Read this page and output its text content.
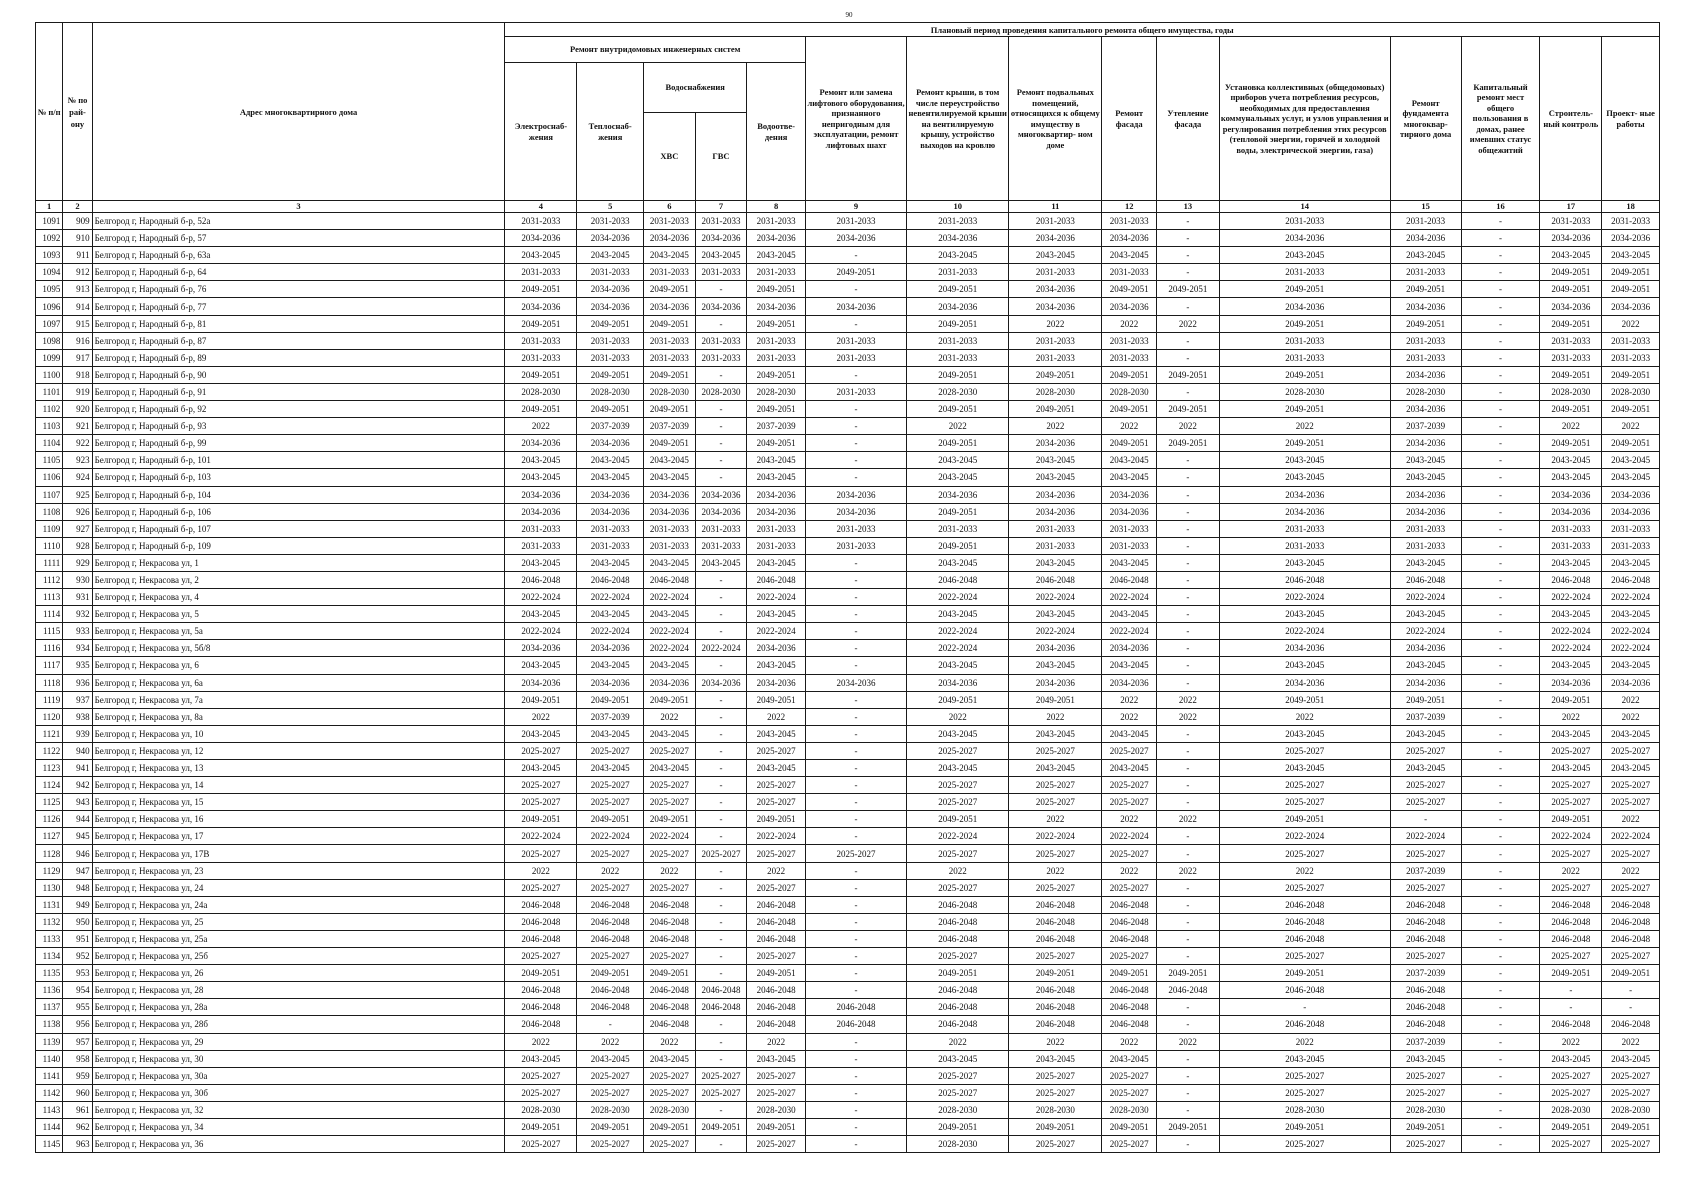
90
№ п/п	№ по рай- ону	Адрес многоквартирного дома	Плановый период проведения капитального ремонта общего имущества, годы														
			Ремонт внутридомовых инженерных систем					Ремонт или замена лифтового оборудования, признанного непригодным для эксплуатации, ремонт лифтовых шахт	Ремонт крыши, в том числе переустройство невентилируемой крыши на вентилируемую крышу, устройство выходов на кровлю	Ремонт подвальных помещений, относящихся к общему имуществу в многоквартир- ном доме	Ремонт фасада	Утепление фасада	Установка коллективных (общедомовых) приборов учета потребления ресурсов, необходимых для предоставления коммунальных услуг, и узлов управления и регулирования потребления этих ресурсов (тепловой энергии, горячей и холодной воды, электрической энергии, газа)	Ремонт фундамента многоквар- тирного дома	Капитальный ремонт мест общего пользования в домах, ранее имевших статус общежитий	Строитель- ный контроль	Проект- ные работы
			Электроснаб- жения	Теплоснаб- жения	Водоснабжения		Водоотве- дения										
					ХВС	ГВС											
1	2	3	4	5	6	7	8	9	10	11	12	13	14	15	16	17	18
1091	909	Белгород г, Народный б-р, 52а	2031-2033	2031-2033	2031-2033	2031-2033	2031-2033	2031-2033	2031-2033	2031-2033	2031-2033	-	2031-2033	2031-2033	-	2031-2033	2031-2033
1092	910	Белгород г, Народный б-р, 57	2034-2036	2034-2036	2034-2036	2034-2036	2034-2036	2034-2036	2034-2036	2034-2036	2034-2036	-	2034-2036	2034-2036	-	2034-2036	2034-2036
1093	911	Белгород г, Народный б-р, 63а	2043-2045	2043-2045	2043-2045	2043-2045	2043-2045	-	2043-2045	2043-2045	2043-2045	-	2043-2045	2043-2045	-	2043-2045	2043-2045
1094	912	Белгород г, Народный б-р, 64	2031-2033	2031-2033	2031-2033	2031-2033	2031-2033	2049-2051	2031-2033	2031-2033	2031-2033	-	2031-2033	2031-2033	-	2049-2051	2049-2051
1095	913	Белгород г, Народный б-р, 76	2049-2051	2034-2036	2049-2051	-	2049-2051	-	2049-2051	2034-2036	2049-2051	2049-2051	2049-2051	2049-2051	-	2049-2051	2049-2051
1096	914	Белгород г, Народный б-р, 77	2034-2036	2034-2036	2034-2036	2034-2036	2034-2036	2034-2036	2034-2036	2034-2036	2034-2036	-	2034-2036	2034-2036	-	2034-2036	2034-2036
1097	915	Белгород г, Народный б-р, 81	2049-2051	2049-2051	2049-2051	-	2049-2051	-	2049-2051	2022	2022	2022	2049-2051	2049-2051	-	2049-2051	2022
1098	916	Белгород г, Народный б-р, 87	2031-2033	2031-2033	2031-2033	2031-2033	2031-2033	2031-2033	2031-2033	2031-2033	2031-2033	-	2031-2033	2031-2033	-	2031-2033	2031-2033
1099	917	Белгород г, Народный б-р, 89	2031-2033	2031-2033	2031-2033	2031-2033	2031-2033	2031-2033	2031-2033	2031-2033	2031-2033	-	2031-2033	2031-2033	-	2031-2033	2031-2033
1100	918	Белгород г, Народный б-р, 90	2049-2051	2049-2051	2049-2051	-	2049-2051	-	2049-2051	2049-2051	2049-2051	2049-2051	2049-2051	2034-2036	-	2049-2051	2049-2051
1101	919	Белгород г, Народный б-р, 91	2028-2030	2028-2030	2028-2030	2028-2030	2028-2030	2031-2033	2028-2030	2028-2030	2028-2030	-	2028-2030	2028-2030	-	2028-2030	2028-2030
1102	920	Белгород г, Народный б-р, 92	2049-2051	2049-2051	2049-2051	-	2049-2051	-	2049-2051	2049-2051	2049-2051	2049-2051	2049-2051	2034-2036	-	2049-2051	2049-2051
1103	921	Белгород г, Народный б-р, 93	2022	2037-2039	2037-2039	-	2037-2039	-	2022	2022	2022	2022	2022	2037-2039	-	2022	2022
1104	922	Белгород г, Народный б-р, 99	2034-2036	2034-2036	2049-2051	-	2049-2051	-	2049-2051	2034-2036	2049-2051	2049-2051	2049-2051	2034-2036	-	2049-2051	2049-2051
1105	923	Белгород г, Народный б-р, 101	2043-2045	2043-2045	2043-2045	-	2043-2045	-	2043-2045	2043-2045	2043-2045	-	2043-2045	2043-2045	-	2043-2045	2043-2045
1106	924	Белгород г, Народный б-р, 103	2043-2045	2043-2045	2043-2045	-	2043-2045	-	2043-2045	2043-2045	2043-2045	-	2043-2045	2043-2045	-	2043-2045	2043-2045
1107	925	Белгород г, Народный б-р, 104	2034-2036	2034-2036	2034-2036	2034-2036	2034-2036	2034-2036	2034-2036	2034-2036	2034-2036	-	2034-2036	2034-2036	-	2034-2036	2034-2036
1108	926	Белгород г, Народный б-р, 106	2034-2036	2034-2036	2034-2036	2034-2036	2034-2036	2034-2036	2049-2051	2034-2036	2034-2036	-	2034-2036	2034-2036	-	2034-2036	2034-2036
1109	927	Белгород г, Народный б-р, 107	2031-2033	2031-2033	2031-2033	2031-2033	2031-2033	2031-2033	2031-2033	2031-2033	2031-2033	-	2031-2033	2031-2033	-	2031-2033	2031-2033
1110	928	Белгород г, Народный б-р, 109	2031-2033	2031-2033	2031-2033	2031-2033	2031-2033	2031-2033	2049-2051	2031-2033	2031-2033	-	2031-2033	2031-2033	-	2031-2033	2031-2033
1111	929	Белгород г, Некрасова ул, 1	2043-2045	2043-2045	2043-2045	2043-2045	2043-2045	-	2043-2045	2043-2045	2043-2045	-	2043-2045	2043-2045	-	2043-2045	2043-2045
1112	930	Белгород г, Некрасова ул, 2	2046-2048	2046-2048	2046-2048	-	2046-2048	-	2046-2048	2046-2048	2046-2048	-	2046-2048	2046-2048	-	2046-2048	2046-2048
1113	931	Белгород г, Некрасова ул, 4	2022-2024	2022-2024	2022-2024	-	2022-2024	-	2022-2024	2022-2024	2022-2024	-	2022-2024	2022-2024	-	2022-2024	2022-2024
1114	932	Белгород г, Некрасова ул, 5	2043-2045	2043-2045	2043-2045	-	2043-2045	-	2043-2045	2043-2045	2043-2045	-	2043-2045	2043-2045	-	2043-2045	2043-2045
1115	933	Белгород г, Некрасова ул, 5а	2022-2024	2022-2024	2022-2024	-	2022-2024	-	2022-2024	2022-2024	2022-2024	-	2022-2024	2022-2024	-	2022-2024	2022-2024
1116	934	Белгород г, Некрасова ул, 5б/8	2034-2036	2034-2036	2022-2024	2022-2024	2034-2036	-	2022-2024	2034-2036	2034-2036	-	2034-2036	2034-2036	-	2022-2024	2022-2024
1117	935	Белгород г, Некрасова ул, 6	2043-2045	2043-2045	2043-2045	-	2043-2045	-	2043-2045	2043-2045	2043-2045	-	2043-2045	2043-2045	-	2043-2045	2043-2045
1118	936	Белгород г, Некрасова ул, 6а	2034-2036	2034-2036	2034-2036	2034-2036	2034-2036	2034-2036	2034-2036	2034-2036	2034-2036	-	2034-2036	2034-2036	-	2034-2036	2034-2036
1119	937	Белгород г, Некрасова ул, 7а	2049-2051	2049-2051	2049-2051	-	2049-2051	-	2049-2051	2049-2051	2022	2022	2049-2051	2049-2051	-	2049-2051	2022
1120	938	Белгород г, Некрасова ул, 8а	2022	2037-2039	2022	-	2022	-	2022	2022	2022	2022	2022	2037-2039	-	2022	2022
1121	939	Белгород г, Некрасова ул, 10	2043-2045	2043-2045	2043-2045	-	2043-2045	-	2043-2045	2043-2045	2043-2045	-	2043-2045	2043-2045	-	2043-2045	2043-2045
1122	940	Белгород г, Некрасова ул, 12	2025-2027	2025-2027	2025-2027	-	2025-2027	-	2025-2027	2025-2027	2025-2027	-	2025-2027	2025-2027	-	2025-2027	2025-2027
1123	941	Белгород г, Некрасова ул, 13	2043-2045	2043-2045	2043-2045	-	2043-2045	-	2043-2045	2043-2045	2043-2045	-	2043-2045	2043-2045	-	2043-2045	2043-2045
1124	942	Белгород г, Некрасова ул, 14	2025-2027	2025-2027	2025-2027	-	2025-2027	-	2025-2027	2025-2027	2025-2027	-	2025-2027	2025-2027	-	2025-2027	2025-2027
1125	943	Белгород г, Некрасова ул, 15	2025-2027	2025-2027	2025-2027	-	2025-2027	-	2025-2027	2025-2027	2025-2027	-	2025-2027	2025-2027	-	2025-2027	2025-2027
1126	944	Белгород г, Некрасова ул, 16	2049-2051	2049-2051	2049-2051	-	2049-2051	-	2049-2051	2022	2022	2022	2049-2051	-	-	2049-2051	2022
1127	945	Белгород г, Некрасова ул, 17	2022-2024	2022-2024	2022-2024	-	2022-2024	-	2022-2024	2022-2024	2022-2024	-	2022-2024	2022-2024	-	2022-2024	2022-2024
1128	946	Белгород г, Некрасова ул, 17В	2025-2027	2025-2027	2025-2027	2025-2027	2025-2027	2025-2027	2025-2027	2025-2027	2025-2027	-	2025-2027	2025-2027	-	2025-2027	2025-2027
1129	947	Белгород г, Некрасова ул, 23	2022	2022	2022	-	2022	-	2022	2022	2022	2022	2022	2037-2039	-	2022	2022
1130	948	Белгород г, Некрасова ул, 24	2025-2027	2025-2027	2025-2027	-	2025-2027	-	2025-2027	2025-2027	2025-2027	-	2025-2027	2025-2027	-	2025-2027	2025-2027
1131	949	Белгород г, Некрасова ул, 24а	2046-2048	2046-2048	2046-2048	-	2046-2048	-	2046-2048	2046-2048	2046-2048	-	2046-2048	2046-2048	-	2046-2048	2046-2048
1132	950	Белгород г, Некрасова ул, 25	2046-2048	2046-2048	2046-2048	-	2046-2048	-	2046-2048	2046-2048	2046-2048	-	2046-2048	2046-2048	-	2046-2048	2046-2048
1133	951	Белгород г, Некрасова ул, 25а	2046-2048	2046-2048	2046-2048	-	2046-2048	-	2046-2048	2046-2048	2046-2048	-	2046-2048	2046-2048	-	2046-2048	2046-2048
1134	952	Белгород г, Некрасова ул, 25б	2025-2027	2025-2027	2025-2027	-	2025-2027	-	2025-2027	2025-2027	2025-2027	-	2025-2027	2025-2027	-	2025-2027	2025-2027
1135	953	Белгород г, Некрасова ул, 26	2049-2051	2049-2051	2049-2051	-	2049-2051	-	2049-2051	2049-2051	2049-2051	2049-2051	2049-2051	2037-2039	-	2049-2051	2049-2051
1136	954	Белгород г, Некрасова ул, 28	2046-2048	2046-2048	2046-2048	2046-2048	2046-2048	-	2046-2048	2046-2048	2046-2048	2046-2048	2046-2048	2046-2048	-	-	-
1137	955	Белгород г, Некрасова ул, 28а	2046-2048	2046-2048	2046-2048	2046-2048	2046-2048	2046-2048	2046-2048	2046-2048	2046-2048	-	-	2046-2048	-	-	-
1138	956	Белгород г, Некрасова ул, 28б	2046-2048	-	2046-2048	-	2046-2048	2046-2048	2046-2048	2046-2048	2046-2048	-	2046-2048	2046-2048	-	2046-2048	2046-2048
1139	957	Белгород г, Некрасова ул, 29	2022	2022	2022	-	2022	-	2022	2022	2022	2022	2022	2037-2039	-	2022	2022
1140	958	Белгород г, Некрасова ул, 30	2043-2045	2043-2045	2043-2045	-	2043-2045	-	2043-2045	2043-2045	2043-2045	-	2043-2045	2043-2045	-	2043-2045	2043-2045
1141	959	Белгород г, Некрасова ул, 30а	2025-2027	2025-2027	2025-2027	2025-2027	2025-2027	-	2025-2027	2025-2027	2025-2027	-	2025-2027	2025-2027	-	2025-2027	2025-2027
1142	960	Белгород г, Некрасова ул, 30б	2025-2027	2025-2027	2025-2027	2025-2027	2025-2027	-	2025-2027	2025-2027	2025-2027	-	2025-2027	2025-2027	-	2025-2027	2025-2027
1143	961	Белгород г, Некрасова ул, 32	2028-2030	2028-2030	2028-2030	-	2028-2030	-	2028-2030	2028-2030	2028-2030	-	2028-2030	2028-2030	-	2028-2030	2028-2030
1144	962	Белгород г, Некрасова ул, 34	2049-2051	2049-2051	2049-2051	2049-2051	2049-2051	-	2049-2051	2049-2051	2049-2051	2049-2051	2049-2051	2049-2051	-	2049-2051	2049-2051
1145	963	Белгород г, Некрасова ул, 36	2025-2027	2025-2027	2025-2027	-	2025-2027	-	2028-2030	2025-2027	2025-2027	-	2025-2027	2025-2027	-	2025-2027	2025-2027
